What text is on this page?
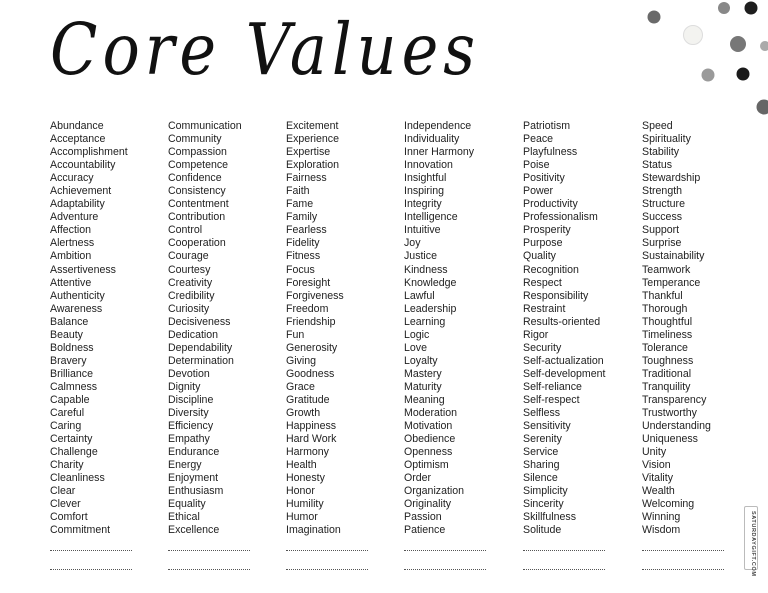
Core Values
Abundance
Acceptance
Accomplishment
Accountability
Accuracy
Achievement
Adaptability
Adventure
Affection
Alertness
Ambition
Assertiveness
Attentive
Authenticity
Awareness
Balance
Beauty
Boldness
Bravery
Brilliance
Calmness
Capable
Careful
Caring
Certainty
Challenge
Charity
Cleanliness
Clear
Clever
Comfort
Commitment
Communication
Community
Compassion
Competence
Confidence
Consistency
Contentment
Contribution
Control
Cooperation
Courage
Courtesy
Creativity
Credibility
Curiosity
Decisiveness
Dedication
Dependability
Determination
Devotion
Dignity
Discipline
Diversity
Efficiency
Empathy
Endurance
Energy
Enjoyment
Enthusiasm
Equality
Ethical
Excellence
Excitement
Experience
Expertise
Exploration
Fairness
Faith
Fame
Family
Fearless
Fidelity
Fitness
Focus
Foresight
Forgiveness
Freedom
Friendship
Fun
Generosity
Giving
Goodness
Grace
Gratitude
Growth
Happiness
Hard Work
Harmony
Health
Honesty
Honor
Humility
Humor
Imagination
Independence
Individuality
Inner Harmony
Innovation
Insightful
Inspiring
Integrity
Intelligence
Intuitive
Joy
Justice
Kindness
Knowledge
Lawful
Leadership
Learning
Logic
Love
Loyalty
Mastery
Maturity
Meaning
Moderation
Motivation
Obedience
Openness
Optimism
Order
Organization
Originality
Passion
Patience
Patriotism
Peace
Playfulness
Poise
Positivity
Power
Productivity
Professionalism
Prosperity
Purpose
Quality
Recognition
Respect
Responsibility
Restraint
Results-oriented
Rigor
Security
Self-actualization
Self-development
Self-reliance
Self-respect
Selfless
Sensitivity
Serenity
Service
Sharing
Silence
Simplicity
Sincerity
Skillfulness
Solitude
Speed
Spirituality
Stability
Status
Stewardship
Strength
Structure
Success
Support
Surprise
Sustainability
Teamwork
Temperance
Thankful
Thorough
Thoughtful
Timeliness
Tolerance
Toughness
Traditional
Tranquility
Transparency
Trustworthy
Understanding
Uniqueness
Unity
Vision
Vitality
Wealth
Welcoming
Winning
Wisdom	SATURDAYGIFT.COM
